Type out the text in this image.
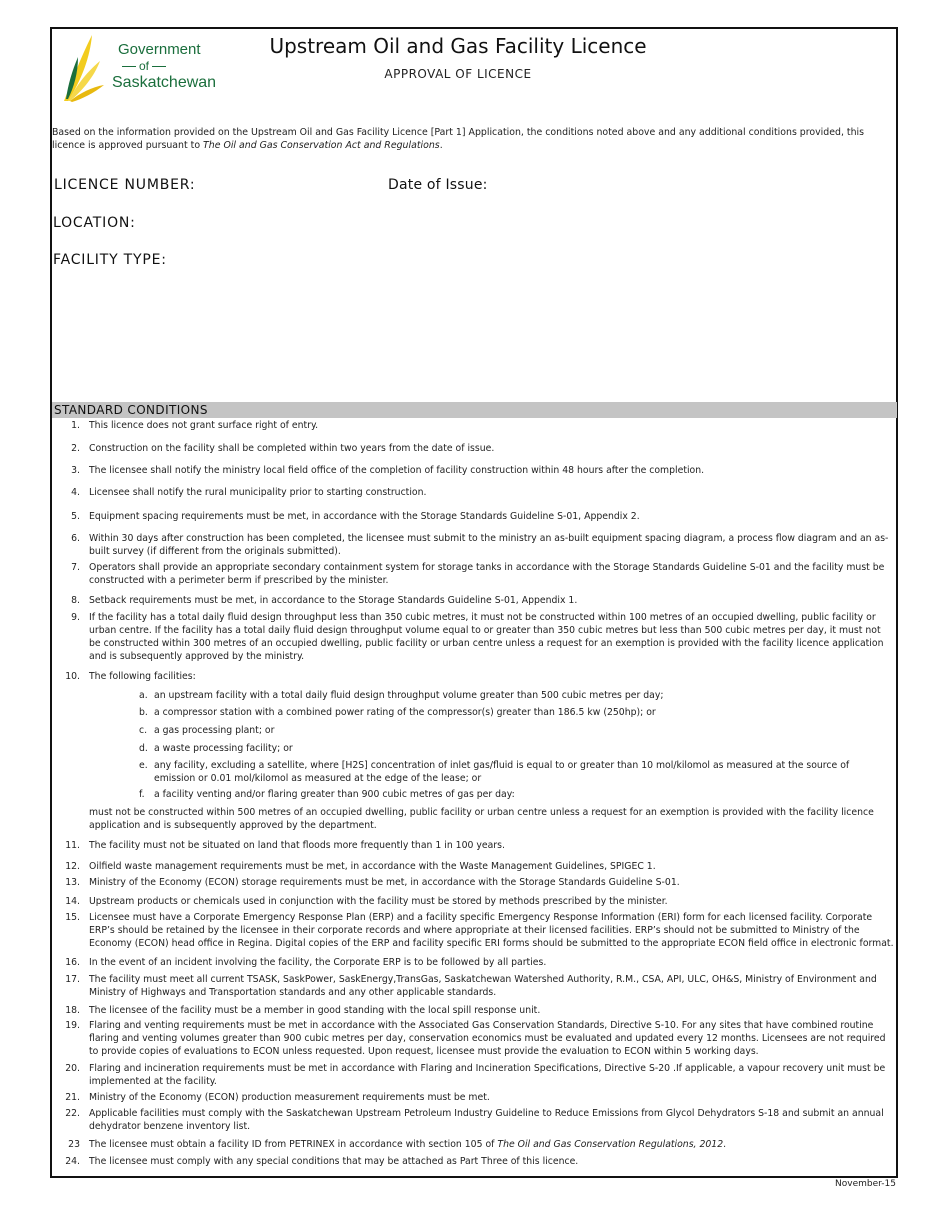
Government
of
Saskatchewan
Upstream Oil and Gas Facility Licence
APPROVAL OF LICENCE
Based on the information provided on the Upstream Oil and Gas Facility Licence [Part 1] Application, the conditions noted above and any additional conditions provided, this licence is approved pursuant to The Oil and Gas Conservation Act and Regulations.
LICENCE NUMBER:	Date of Issue:
LOCATION:
FACILITY TYPE:
STANDARD CONDITIONS
1. This licence does not grant surface right of entry.
2. Construction on the facility shall be completed within two years from the date of issue.
3. The licensee shall notify the ministry local field office of the completion of facility construction within 48 hours after the completion.
4. Licensee shall notify the rural municipality prior to starting construction.
5. Equipment spacing requirements must be met, in accordance with the Storage Standards Guideline S-01, Appendix 2.
6. Within 30 days after construction has been completed, the licensee must submit to the ministry an as-built equipment spacing diagram, a process flow diagram and an as-built survey (if different from the originals submitted).
7. Operators shall provide an appropriate secondary containment system for storage tanks in accordance with the Storage Standards Guideline S-01 and the facility must be constructed with a perimeter berm if prescribed by the minister.
8. Setback requirements must be met, in accordance to the Storage Standards Guideline S-01, Appendix 1.
9. If the facility has a total daily fluid design throughput less than 350 cubic metres, it must not be constructed within 100 metres of an occupied dwelling, public facility or urban centre. If the facility has a total daily fluid design throughput volume equal to or greater than 350 cubic metres but less than 500 cubic metres per day, it must not be constructed within 300 metres of an occupied dwelling, public facility or urban centre unless a request for an exemption is provided with the facility licence application and is subsequently approved by the ministry.
10. The following facilities:
11. The facility must not be situated on land that floods more frequently than 1 in 100 years.
12. Oilfield waste management requirements must be met, in accordance with the Waste Management Guidelines, SPIGEC 1.
13. Ministry of the Economy (ECON) storage requirements must be met, in accordance with the Storage Standards Guideline S-01.
14. Upstream products or chemicals used in conjunction with the facility must be stored by methods prescribed by the minister.
15. Licensee must have a Corporate Emergency Response Plan (ERP) and a facility specific Emergency Response Information (ERI) form for each licensed facility. Corporate ERP’s should be retained by the licensee in their corporate records and where appropriate at their licensed facilities. ERP’s should not be submitted to Ministry of the Economy (ECON) head office in Regina. Digital copies of the ERP and facility specific ERI forms should be submitted to the appropriate ECON field office in electronic format.
16. In the event of an incident involving the facility, the Corporate ERP is to be followed by all parties.
17. The facility must meet all current TSASK, SaskPower, SaskEnergy,TransGas, Saskatchewan Watershed Authority, R.M., CSA, API, ULC, OH&S, Ministry of Environment and Ministry of Highways and Transportation standards and any other applicable standards.
18. The licensee of the facility must be a member in good standing with the local spill response unit.
19. Flaring and venting requirements must be met in accordance with the Associated Gas Conservation Standards, Directive S-10. For any sites that have combined routine flaring and venting volumes greater than 900 cubic metres per day, conservation economics must be evaluated and updated every 12 months. Licensees are not required to provide copies of evaluations to ECON unless requested. Upon request, licensee must provide the evaluation to ECON within 5 working days.
20. Flaring and incineration requirements must be met in accordance with Flaring and Incineration Specifications, Directive S-20 .If applicable, a vapour recovery unit must be implemented at the facility.
21. Ministry of the Economy (ECON) production measurement requirements must be met.
22. Applicable facilities must comply with the Saskatchewan Upstream Petroleum Industry Guideline to Reduce Emissions from Glycol Dehydrators S-18 and submit an annual dehydrator benzene inventory list.
23 The licensee must obtain a facility ID from PETRINEX in accordance with section 105 of The Oil and Gas Conservation Regulations, 2012.
24. The licensee must comply with any special conditions that may be attached as Part Three of this licence.
a. an upstream facility with a total daily fluid design throughput volume greater than 500 cubic metres per day;
b. a compressor station with a combined power rating of the compressor(s) greater than 186.5 kw (250hp); or
c. a gas processing plant; or
d. a waste processing facility; or
e. any facility, excluding a satellite, where [H2S] concentration of inlet gas/fluid is equal to or greater than 10 mol/kilomol as measured at the source of emission or 0.01 mol/kilomol as measured at the edge of the lease; or
f. a facility venting and/or flaring greater than 900 cubic metres of gas per day:
must not be constructed within 500 metres of an occupied dwelling, public facility or urban centre unless a request for an exemption is provided with the facility licence application and is subsequently approved by the department.
November-15
